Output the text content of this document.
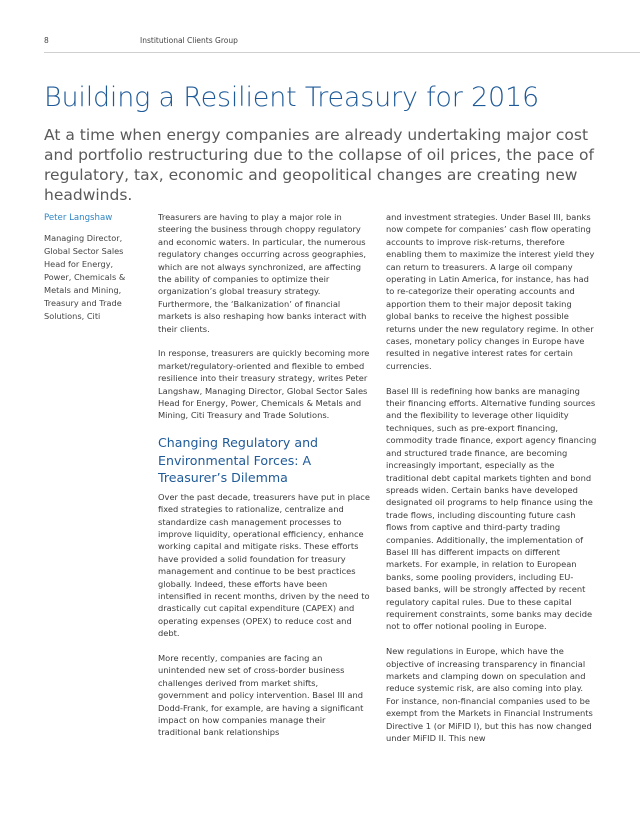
8	Institutional Clients Group
Building a Resilient Treasury for 2016
At a time when energy companies are already undertaking major cost and portfolio restructuring due to the collapse of oil prices, the pace of regulatory, tax, economic and geopolitical changes are creating new headwinds.
Peter Langshaw
Managing Director, Global Sector Sales Head for Energy, Power, Chemicals & Metals and Mining, Treasury and Trade Solutions, Citi

Treasurers are having to play a major role in steering the business through choppy regulatory and economic waters. In particular, the numerous regulatory changes occurring across geographies, which are not always synchronized, are affecting the ability of companies to optimize their organization’s global treasury strategy. Furthermore, the ‘Balkanization’ of financial markets is also reshaping how banks interact with their clients.

In response, treasurers are quickly becoming more market/regulatory-oriented and flexible to embed resilience into their treasury strategy, writes Peter Langshaw, Managing Director, Global Sector Sales Head for Energy, Power, Chemicals & Metals and Mining, Citi Treasury and Trade Solutions.

Changing Regulatory and Environmental Forces: A Treasurer’s Dilemma

Over the past decade, treasurers have put in place fixed strategies to rationalize, centralize and standardize cash management processes to improve liquidity, operational efficiency, enhance working capital and mitigate risks. These efforts have provided a solid foundation for treasury management and continue to be best practices globally. Indeed, these efforts have been intensified in recent months, driven by the need to drastically cut capital expenditure (CAPEX) and operating expenses (OPEX) to reduce cost and debt.

More recently, companies are facing an unintended new set of cross-border business challenges derived from market shifts, government and policy intervention. Basel III and Dodd-Frank, for example, are having a significant impact on how companies manage their traditional bank relationships

and investment strategies. Under Basel III, banks now compete for companies’ cash flow operating accounts to improve risk-returns, therefore enabling them to maximize the interest yield they can return to treasurers. A large oil company operating in Latin America, for instance, has had to re-categorize their operating accounts and apportion them to their major deposit taking global banks to receive the highest possible returns under the new regulatory regime. In other cases, monetary policy changes in Europe have resulted in negative interest rates for certain currencies.

Basel III is redefining how banks are managing their financing efforts. Alternative funding sources and the flexibility to leverage other liquidity techniques, such as pre-export financing, commodity trade finance, export agency financing and structured trade finance, are becoming increasingly important, especially as the traditional debt capital markets tighten and bond spreads widen. Certain banks have developed designated oil programs to help finance using the trade flows, including discounting future cash flows from captive and third-party trading companies. Additionally, the implementation of Basel III has different impacts on different markets. For example, in relation to European banks, some pooling providers, including EU-based banks, will be strongly affected by recent regulatory capital rules. Due to these capital requirement constraints, some banks may decide not to offer notional pooling in Europe.

New regulations in Europe, which have the objective of increasing transparency in financial markets and clamping down on speculation and reduce systemic risk, are also coming into play. For instance, non-financial companies used to be exempt from the Markets in Financial Instruments Directive 1 (or MiFID I), but this has now changed under MiFID II. This new
